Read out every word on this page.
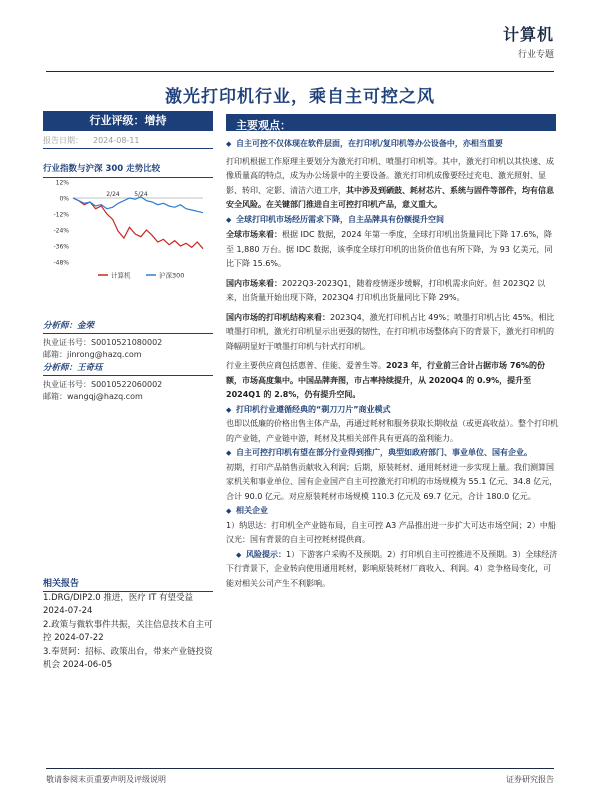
计算机
行业专题
激光打印机行业，乘自主可控之风
行业评级：增持
报告日期： 2024-08-11
行业指数与沪深 300 走势比较
12%
0%
-12%
-24%
-36%
-48%
2/24 5/24
计算机	沪深300
分析师：金荣
执业证书号：S0010521080002
邮箱：jinrong@hazq.com
分析师：王奇珏
执业证书号：S0010522060002
邮箱：wangqj@hazq.com
相关报告
1.DRG/DIP2.0 推进，医疗 IT 有望受益 2024-07-24
2.政策与微软事件共振，关注信息技术自主可控 2024-07-22
3.奉贤阿：招标、政策出台，带来产业链投资机会 2024-06-05
主要观点：
◆ 自主可控不仅体现在软件层面，在打印机/复印机等办公设备中，亦相当重要

打印机根据工作原理主要划分为激光打印机、喷墨打印机等。其中，激光打印机以其快速、成像质量高的特点，成为办公场景中的主要设备。激光打印机成像要经过充电、激光照射、显影、转印、定影、清洁六道工序，其中涉及到硒鼓、耗材芯片、系统与固件等部件，均有信息安全风险。在关键部门推进自主可控打印机产品，意义重大。

◆ 全球打印机市场经历需求下降，自主品牌具有份额提升空间

全球市场来看：根据 IDC 数据，2024 年第一季度，全球打印机出货量同比下降 17.6%，降至 1,880 万台。据 IDC 数据，该季度全球打印机的出货价值也有所下降，为 93 亿美元，同比下降 15.6%。

国内市场来看：2022Q3-2023Q1，随着疫情逐步缓解，打印机需求向好。但 2023Q2 以来，出货量开始出现下降，2023Q4 打印机出货量同比下降 29%。

国内市场的打印机结构来看：2023Q4，激光打印机占比 49%；喷墨打印机占比 45%。相比喷墨打印机，激光打印机显示出更强的韧性，在打印机市场整体向下的背景下，激光打印机的降幅明显好于喷墨打印机与针式打印机。

行业主要供应商包括惠普、佳能、爱普生等。2023 年，行业前三合计占据市场 76%的份额，市场高度集中。中国品牌奔图，市占率持续提升，从 2020Q4 的 0.9%，提升至 2024Q1 的 2.8%，仍有提升空间。

◆ 打印机行业遵循经典的“剃刀刀片”商业模式

也即以低廉的价格出售主体产品，再通过耗材和服务获取长期收益（或更高收益）。整个打印机的产业链，产业链中游，耗材及其相关部件具有更高的盈利能力。

◆ 自主可控打印机有望在部分行业得到推广，典型如政府部门、事业单位、国有企业。

初期，打印产品销售贡献收入利润；后期，原装耗材、通用耗材进一步实现上量。我们测算国家机关和事业单位、国有企业国产自主可控激光打印机的市场规模为 55.1 亿元、34.8 亿元，合计 90.0 亿元。对应原装耗材市场规模 110.3 亿元及 69.7 亿元，合计 180.0 亿元。

◆ 相关企业

1）纳思达：打印机全产业链布局，自主可控 A3 产品推出进一步扩大可达市场空间；2）中船汉光：国有背景的自主可控耗材提供商。

◆ 风险提示：1）下游客户采购不及预期。2）打印机自主可控推进不及预期。3）全球经济下行背景下，企业转向使用通用耗材，影响原装耗材厂商收入、利润。4）竞争格局变化，可能对相关公司产生不利影响。

敬请参阅末页重要声明及评级说明	证券研究报告
